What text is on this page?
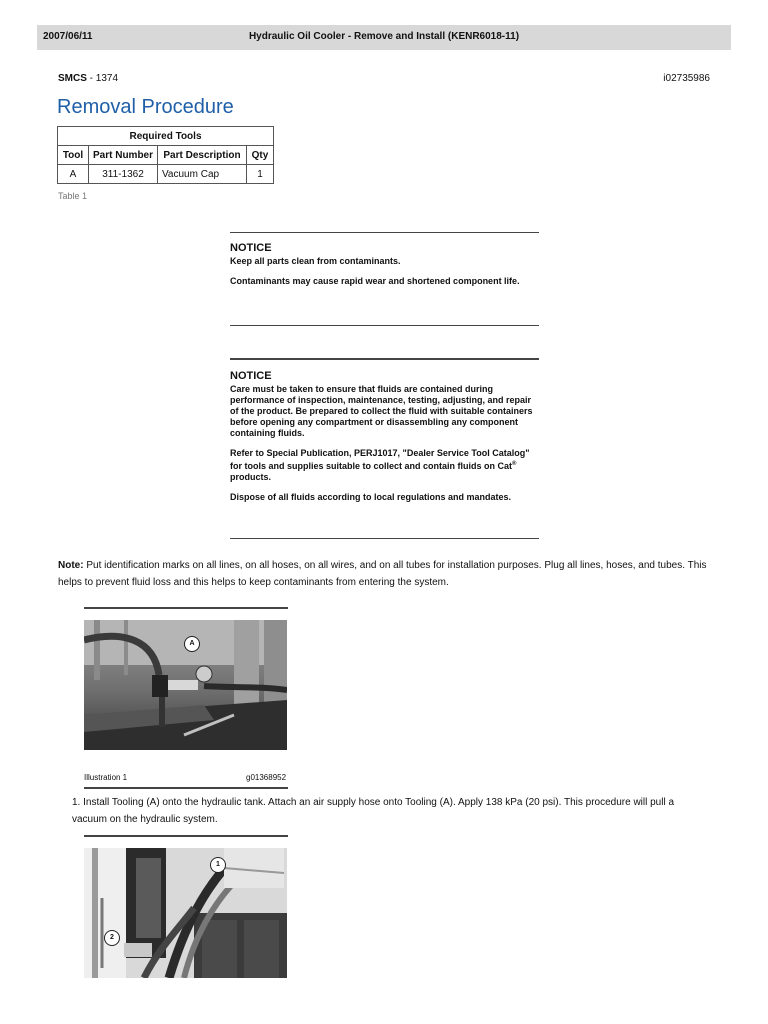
2007/06/11	Hydraulic Oil Cooler - Remove and Install (KENR6018-11)
SMCS - 1374	i02735986
Removal Procedure
Required Tools			
Tool	Part Number	Part Description	Qty
A	311-1362	Vacuum Cap	1
Table 1
NOTICE

Keep all parts clean from contaminants.

Contaminants may cause rapid wear and shortened component life.

NOTICE

Care must be taken to ensure that fluids are contained during performance of inspection, maintenance, testing, adjusting, and repair of the product. Be prepared to collect the fluid with suitable containers before opening any compartment or disassembling any component containing fluids.

Refer to Special Publication, PERJ1017, "Dealer Service Tool Catalog" for tools and supplies suitable to collect and contain fluids on Cat® products.

Dispose of all fluids according to local regulations and mandates.

Note: Put identification marks on all lines, on all hoses, on all wires, and on all tubes for installation purposes. Plug all lines, hoses, and tubes. This helps to prevent fluid loss and this helps to keep contaminants from entering the system.
A
Illustration 1	g01368952
1. Install Tooling (A) onto the hydraulic tank. Attach an air supply hose onto Tooling (A). Apply 138 kPa (20 psi). This procedure will pull a vacuum on the hydraulic system.
1
2
